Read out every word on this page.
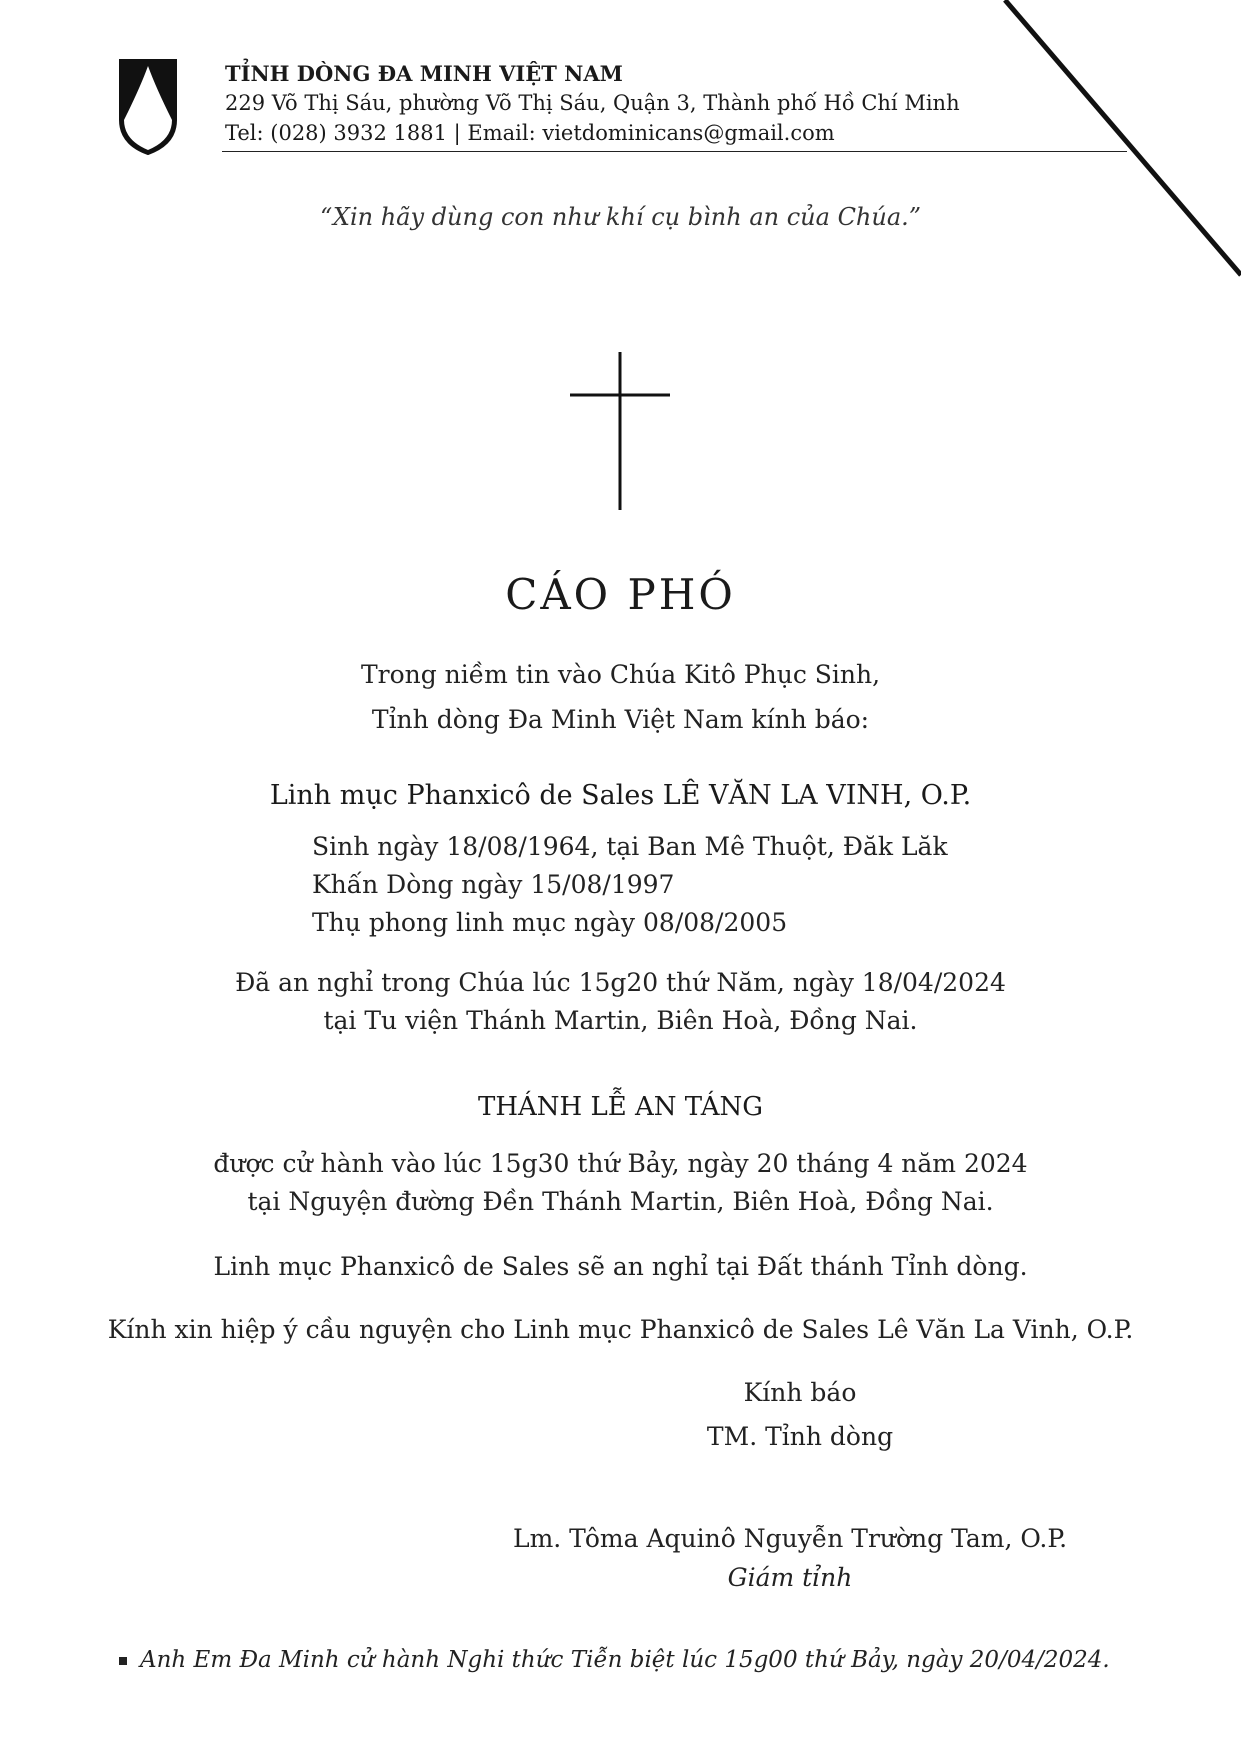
TỈNH DÒNG ĐA MINH VIỆT NAM
229 Võ Thị Sáu, phường Võ Thị Sáu, Quận 3, Thành phố Hồ Chí Minh
Tel: (028) 3932 1881 | Email: vietdominicans@gmail.com
“Xin hãy dùng con như khí cụ bình an của Chúa.”
CÁO PHÓ
Trong niềm tin vào Chúa Kitô Phục Sinh,
Tỉnh dòng Đa Minh Việt Nam kính báo:
Linh mục Phanxicô de Sales LÊ VĂN LA VINH, O.P.
Sinh ngày 18/08/1964, tại Ban Mê Thuột, Đăk Lăk
Khấn Dòng ngày 15/08/1997
Thụ phong linh mục ngày 08/08/2005
Đã an nghỉ trong Chúa lúc 15g20 thứ Năm, ngày 18/04/2024
tại Tu viện Thánh Martin, Biên Hoà, Đồng Nai.
THÁNH LỄ AN TÁNG
được cử hành vào lúc 15g30 thứ Bảy, ngày 20 tháng 4 năm 2024
tại Nguyện đường Đền Thánh Martin, Biên Hoà, Đồng Nai.
Linh mục Phanxicô de Sales sẽ an nghỉ tại Đất thánh Tỉnh dòng.
Kính xin hiệp ý cầu nguyện cho Linh mục Phanxicô de Sales Lê Văn La Vinh, O.P.
Kính báo
TM. Tỉnh dòng
Lm. Tôma Aquinô Nguyễn Trường Tam, O.P.
Giám tỉnh
Anh Em Đa Minh cử hành Nghi thức Tiễn biệt lúc 15g00 thứ Bảy, ngày 20/04/2024.
